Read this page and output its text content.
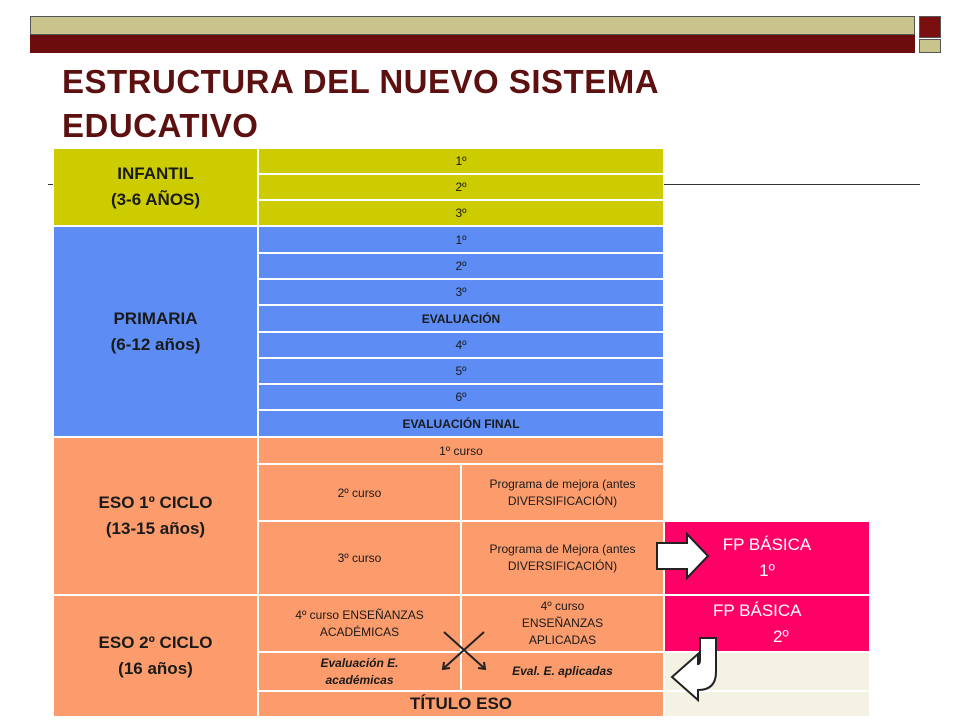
ESTRUCTURA DEL NUEVO SISTEMA
EDUCATIVO
INFANTIL
(3-6 AÑOS)
1º
2º
3º
PRIMARIA
(6-12 años)
1º
2º
3º
EVALUACIÓN
4º
5º
6º
EVALUACIÓN FINAL
ESO 1º CICLO
(13-15 años)
1º curso
2º curso
Programa de mejora (antes DIVERSIFICACIÓN)
3º curso
Programa de Mejora (antes DIVERSIFICACIÓN)
ESO 2º CICLO
(16 años)
4º curso ENSEÑANZAS ACADÉMICAS
4º curso ENSEÑANZAS APLICADAS
Evaluación E. académicas
Eval. E. aplicadas
TÍTULO ESO
FP BÁSICA
1º
FP BÁSICA
2º
